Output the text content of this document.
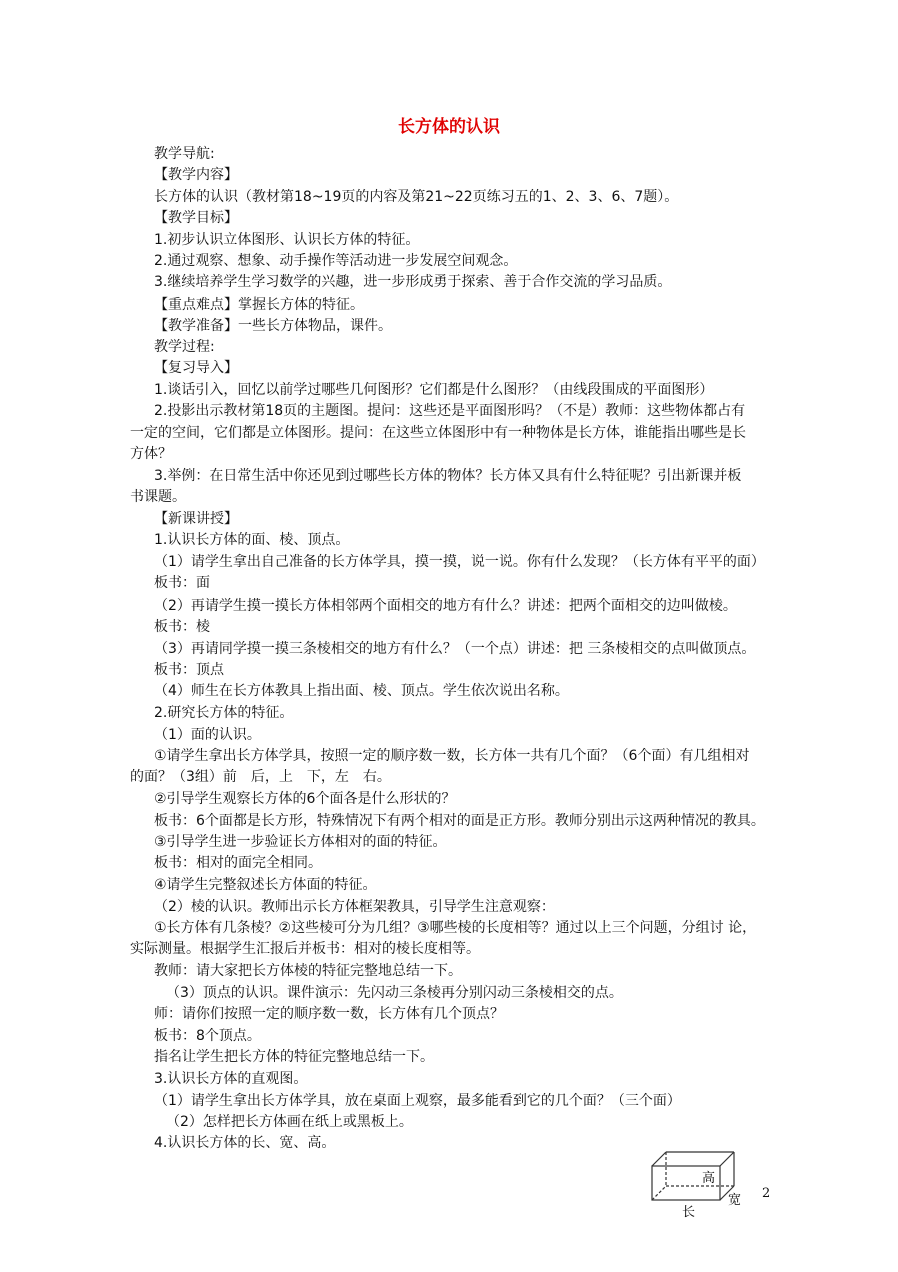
长方体的认识
教学导航:
【教学内容】
长方体的认识（教材第18~19页的内容及第21~22页练习五的1、2、3、6、7题）。
【教学目标】
1.初步认识立体图形、认识长方体的特征。
2.通过观察、想象、动手操作等活动进一步发展空间观念。
3.继续培养学生学习数学的兴趣，进一步形成勇于探索、善于合作交流的学习品质。
【重点难点】掌握长方体的特征。
【教学准备】一些长方体物品，课件。
教学过程:
【复习导入】
1.谈话引入，回忆以前学过哪些几何图形？它们都是什么图形？（由线段围成的平面图形）
2.投影出示教材第18页的主题图。提问：这些还是平面图形吗？（不是）教师：这些物体都占有
一定的空间，它们都是立体图形。提问：在这些立体图形中有一种物体是长方体，谁能指出哪些是长
方体？
3.举例：在日常生活中你还见到过哪些长方体的物体？长方体又具有什么特征呢？引出新课并板
书课题。
【新课讲授】
1.认识长方体的面、棱、顶点。
（1）请学生拿出自己准备的长方体学具，摸一摸，说一说。你有什么发现？（长方体有平平的面）
板书：面
（2）再请学生摸一摸长方体相邻两个面相交的地方有什么？讲述：把两个面相交的边叫做棱。
板书：棱
（3）再请同学摸一摸三条棱相交的地方有什么？（一个点）讲述：把 三条棱相交的点叫做顶点。
板书：顶点
（4）师生在长方体教具上指出面、棱、顶点。学生依次说出名称。
2.研究长方体的特征。
（1）面的认识。
①请学生拿出长方体学具，按照一定的顺序数一数，长方体一共有几个面？（6个面）有几组相对
的面？（3组）前　后，上　下，左　右。
②引导学生观察长方体的6个面各是什么形状的？
板书：6个面都是长方形，特殊情况下有两个相对的面是正方形。教师分别出示这两种情况的教具。
③引导学生进一步验证长方体相对的面的特征。
板书：相对的面完全相同。
④请学生完整叙述长方体面的特征。
（2）棱的认识。教师出示长方体框架教具，引导学生注意观察：
①长方体有几条棱？②这些棱可分为几组？③哪些棱的长度相等？通过以上三个问题，分组讨 论，
实际测量。根据学生汇报后并板书：相对的棱长度相等。
教师：请大家把长方体棱的特征完整地总结一下。
（3）顶点的认识。课件演示：先闪动三条棱再分别闪动三条棱相交的点。
师：请你们按照一定的顺序数一数，长方体有几个顶点？
板书：8个顶点。
指名让学生把长方体的特征完整地总结一下。
3.认识长方体的直观图。
（1）请学生拿出长方体学具，放在桌面上观察，最多能看到它的几个面？（三个面）
（2）怎样把长方体画在纸上或黑板上。
4.认识长方体的长、宽、高。
高
宽
长
2
